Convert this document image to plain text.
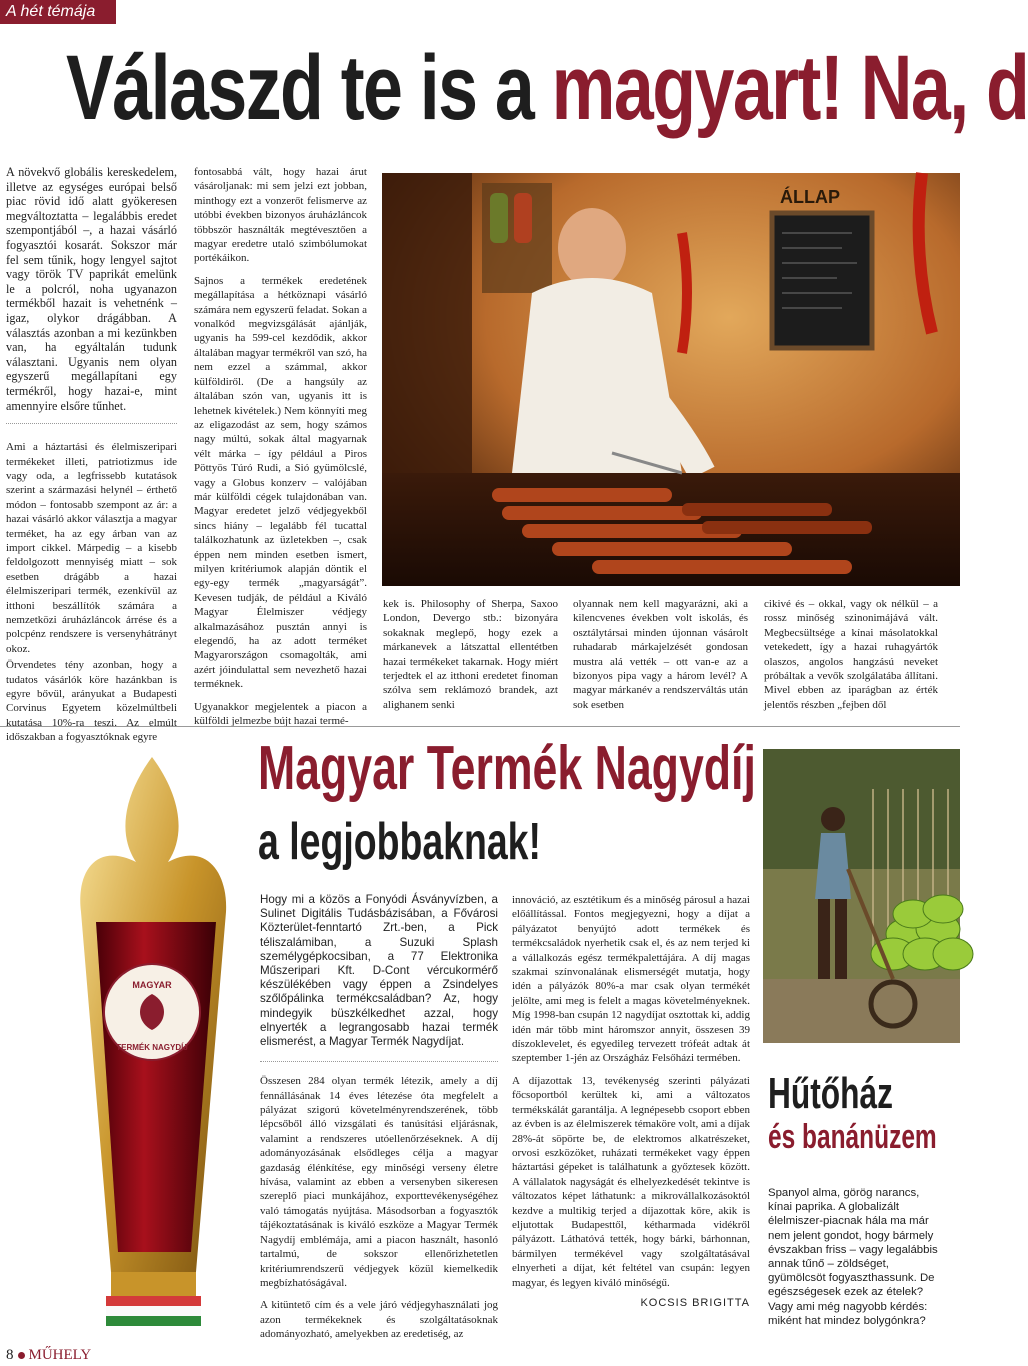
A hét témája
Válaszd te is a magyart! Na, d

A növekvő globális kereskedelem, illetve az egységes európai belső piac rövid idő alatt gyökeresen megváltoztatta – legalábbis eredet szempontjából –, a hazai vásárló fogyasztói kosarát. Sokszor már fel sem tűnik, hogy lengyel sajtot vagy török TV paprikát emelünk le a polcról, noha ugyanazon termékből hazait is vehetnénk – igaz, olykor drágábban. A választás azonban a mi kezünkben van, ha egyáltalán tudunk választani. Ugyanis nem olyan egyszerű megállapítani egy termékről, hogy hazai-e, mint amennyire elsőre tűnhet.

Ami a háztartási és élelmiszeripari termékeket illeti, patriotizmus ide vagy oda, a legfrissebb kutatások szerint a származási helynél – érthető módon – fontosabb szempont az ár: a hazai vásárló akkor választja a magyar terméket, ha az egy árban van az import cikkel. Márpedig – a kisebb feldolgozott mennyiség miatt – sok esetben drágább a hazai élelmiszeripari termék, ezenkívül az itthoni beszállítók számára a nemzetközi áruházláncok árrése és a polcpénz rendszere is versenyhátrányt okoz.

Örvendetes tény azonban, hogy a tudatos vásárlók köre hazánkban is egyre bővül, arányukat a Budapesti Corvinus Egyetem közelmúltbeli kutatása 10%-ra teszi. Az elmúlt időszakban a fogyasztóknak egyre

fontosabbá vált, hogy hazai árut vásároljanak: mi sem jelzi ezt jobban, minthogy ezt a vonzerőt felismerve az utóbbi években bizonyos áruházláncok többször használták megtévesztően a magyar eredetre utaló szimbólumokat portékáikon.

Sajnos a termékek eredetének megállapítása a hétköznapi vásárló számára nem egyszerű feladat. Sokan a vonalkód megvizsgálását ajánlják, ugyanis ha 599-cel kezdődik, akkor általában magyar termékről van szó, ha nem ezzel a számmal, akkor külföldiről. (De a hangsúly az általában szón van, ugyanis itt is lehetnek kivételek.) Nem könnyíti meg az eligazodást az sem, hogy számos nagy múltú, sokak által magyarnak vélt márka – így például a Piros Pöttyös Túró Rudi, a Sió gyümölcslé, vagy a Globus konzerv – valójában már külföldi cégek tulajdonában van. Magyar eredetet jelző védjegyekből sincs hiány – legalább fél tucattal találkozhatunk az üzletekben –, csak éppen nem minden esetben ismert, milyen kritériumok alapján döntik el egy-egy termék „magyarságát”. Kevesen tudják, de például a Kiváló Magyar Élelmiszer védjegy alkalmazásához pusztán annyi is elegendő, ha az adott terméket Magyarországon csomagolták, ami azért jóindulattal sem nevezhető hazai terméknek.

Ugyanakkor megjelentek a piacon a külföldi jelmezbe bújt hazai termé-

ÁLLAP

kek is. Philosophy of Sherpa, Saxoo London, Devergo stb.: bizonyára sokaknak meglepő, hogy ezek a márkanevek a látszattal ellentétben hazai termékeket takarnak. Hogy miért terjedtek el az itthoni eredetet finoman szólva sem reklámozó brandek, azt alighanem senki

olyannak nem kell magyarázni, aki a kilencvenes években volt iskolás, és osztálytársai minden újonnan vásárolt ruhadarab márkajelzését gondosan mustra alá vették – ott van-e az a bizonyos pipa vagy a három levél? A magyar márkanév a rendszerváltás után sok esetben

cikivé és – okkal, vagy ok nélkül – a rossz minőség szinonimájává vált. Megbecsültsége a kínai másolatokkal vetekedett, így a hazai ruhagyártók olaszos, angolos hangzású neveket próbáltak a vevők szolgálatába állítani. Mivel ebben az iparágban az érték jelentős részben „fejben dől

MAGYAR
TERMÉK NAGYDÍJ
Magyar Termék Nagydíj
a legjobbaknak!

Hogy mi a közös a Fonyódi Ásványvízben, a Sulinet Digitális Tudásbázisában, a Fővárosi Közterület-fenntartó Zrt.-ben, a Pick téliszalámiban, a Suzuki Splash személygépkocsiban, a 77 Elektronika Műszeripari Kft. D-Cont vércukormérő készülékében vagy éppen a Zsindelyes szőlőpálinka termékcsaládban? Az, hogy mindegyik büszkélkedhet azzal, hogy elnyerték a legrangosabb hazai termék elismerést, a Magyar Termék Nagydíjat.

Összesen 284 olyan termék létezik, amely a díj fennállásának 14 éves létezése óta megfelelt a pályázat szigorú követelményrendszerének, több lépcsőből álló vizsgálati és tanúsítási eljárásnak, valamint a rendszeres utóellenőrzéseknek. A díj adományozásának elsődleges célja a magyar gazdaság élénkítése, egy minőségi verseny életre hívása, valamint az ebben a versenyben sikeresen szereplő piaci munkájához, exporttevékenységéhez való támogatás nyújtása. Másodsorban a fogyasztók tájékoztatásának is kiváló eszköze a Magyar Termék Nagydíj emblémája, ami a piacon használt, hasonló tartalmú, de sokszor ellenőrizhetetlen kritériumrendszerű védjegyek közül kiemelkedik megbízhatóságával.

A kitüntető cím és a vele járó védjegyhasználati jog azon termékeknek és szolgáltatásoknak adományozható, amelyekben az eredetiség, az

innováció, az esztétikum és a minőség párosul a hazai előállítással. Fontos megjegyezni, hogy a díjat a pályázatot benyújtó adott termékek és termékcsaládok nyerhetik csak el, és az nem terjed ki a vállalkozás egész termékpalettájára. A díj magas szakmai színvonalának elismerségét mutatja, hogy idén a pályázók 80%-a mar csak olyan termékét jelölte, ami meg is felelt a magas követelményeknek. Míg 1998-ban csupán 12 nagydíjat osztottak ki, addig idén már több mint háromszor annyit, összesen 39 díszoklevelet, és egyedileg tervezett trófeát adtak át szeptember 1-jén az Országház Felsőházi termében.

A díjazottak 13, tevékenység szerinti pályázati főcsoportból kerültek ki, ami a változatos termékskálát garantálja. A legnépesebb csoport ebben az évben is az élelmiszerek témaköre volt, ami a díjak 28%-át söpörte be, de elektromos alkatrészeket, orvosi eszközöket, ruházati termékeket vagy éppen háztartási gépeket is találhatunk a győztesek között. A vállalatok nagyságát és elhelyezkedését tekintve is változatos képet láthatunk: a mikrovállalkozásoktól kezdve a multikig terjed a díjazottak köre, akik is eljutottak Budapesttől, kétharmada vidékről pályázott. Láthatóvá tették, hogy bárki, bárhonnan, bármilyen termékével vagy szolgáltatásával elnyerheti a díjat, két feltétel van csupán: legyen magyar, és legyen kiváló minőségű.

KOCSIS BRIGITTA
Hűtőház
és banánüzem

Spanyol alma, görög narancs, kínai paprika. A globalizált élelmiszer-piacnak hála ma már nem jelent gondot, hogy bármely évszakban friss – vagy legalábbis annak tűnő – zöldséget, gyümölcsöt fogyaszthassunk. De egészségesek ezek az ételek? Vagy ami még nagyobb kérdés: miként hat mindez bolygónkra?

8 MŰHELY
